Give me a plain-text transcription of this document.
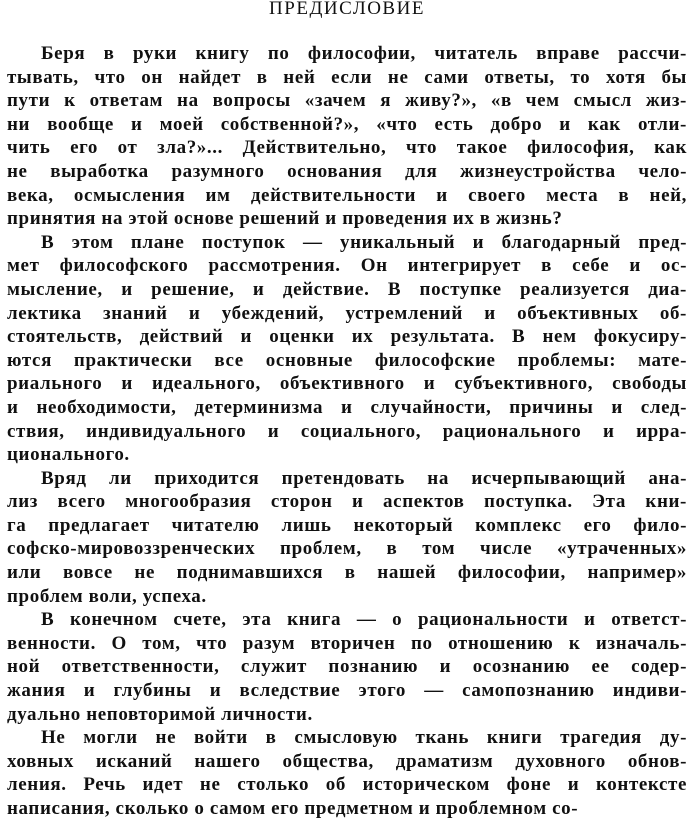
ПРЕДИСЛОВИЕ
Беря в руки книгу по философии, читатель вправе рассчи-
тывать, что он найдет в ней если не сами ответы, то хотя бы
пути к ответам на вопросы «зачем я живу?», «в чем смысл жиз-
ни вообще и моей собственной?», «что есть добро и как отли-
чить его от зла?»... Действительно, что такое философия, как
не выработка разумного основания для жизнеустройства чело-
века, осмысления им действительности и своего места в ней,
принятия на этой основе решений и проведения их в жизнь?
В этом плане поступок — уникальный и благодарный пред-
мет философского рассмотрения. Он интегрирует в себе и ос-
мысление, и решение, и действие. В поступке реализуется диа-
лектика знаний и убеждений, устремлений и объективных об-
стоятельств, действий и оценки их результата. В нем фокусиру-
ются практически все основные философские проблемы: мате-
риального и идеального, объективного и субъективного, свободы
и необходимости, детерминизма и случайности, причины и след-
ствия, индивидуального и социального, рационального и ирра-
ционального.
Вряд ли приходится претендовать на исчерпывающий ана-
лиз всего многообразия сторон и аспектов поступка. Эта кни-
га предлагает читателю лишь некоторый комплекс его фило-
софско-мировоззренческих проблем, в том числе «утраченных»
или вовсе не поднимавшихся в нашей философии, например»
проблем воли, успеха.
В конечном счете, эта книга — о рациональности и ответст-
венности. О том, что разум вторичен по отношению к изначаль-
ной ответственности, служит познанию и осознанию ее содер-
жания и глубины и вследствие этого — самопознанию индиви-
дуально неповторимой личности.
Не могли не войти в смысловую ткань книги трагедия ду-
ховных исканий нашего общества, драматизм духовного обнов-
ления. Речь идет не столько об историческом фоне и контексте
написания, сколько о самом его предметном и проблемном со-
